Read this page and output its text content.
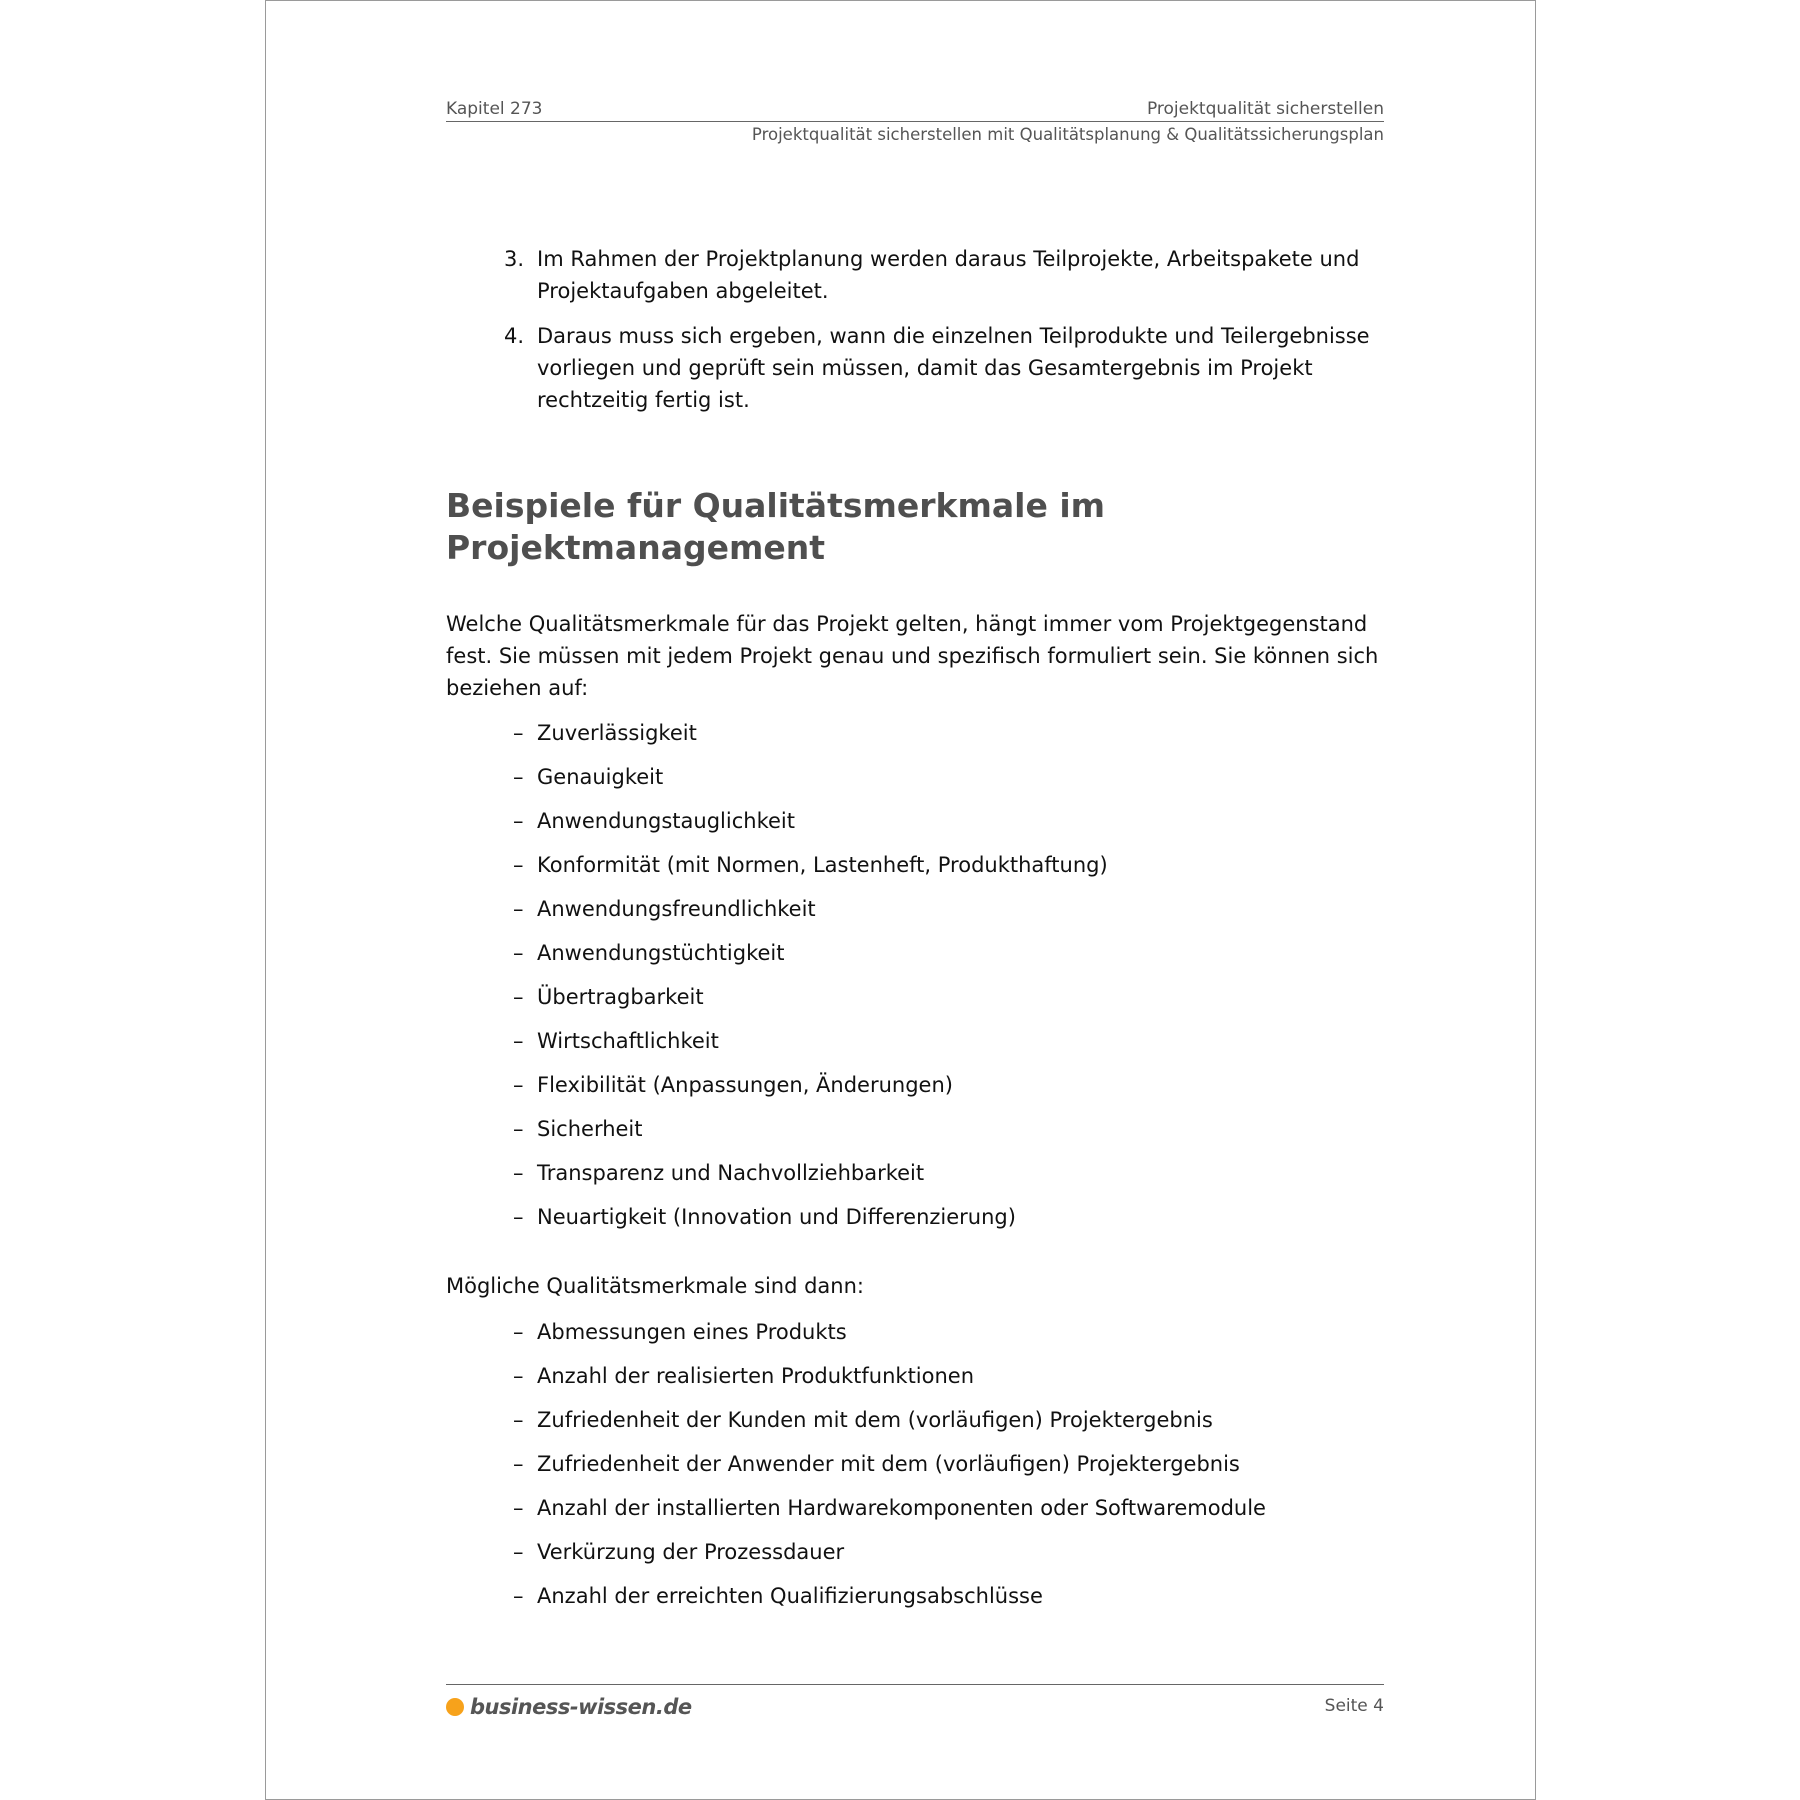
Kapitel 273	Projektqualität sicherstellen
Projektqualität sicherstellen mit Qualitätsplanung & Qualitätssicherungsplan
3. Im Rahmen der Projektplanung werden daraus Teilprojekte, Arbeitspakete und Projektaufgaben abgeleitet.
4. Daraus muss sich ergeben, wann die einzelnen Teilprodukte und Teilergebnisse vorliegen und geprüft sein müssen, damit das Gesamtergebnis im Projekt rechtzeitig fertig ist.
Beispiele für Qualitätsmerkmale im Projektmanagement

Welche Qualitätsmerkmale für das Projekt gelten, hängt immer vom Projektgegenstand fest. Sie müssen mit jedem Projekt genau und spezifisch formuliert sein. Sie können sich beziehen auf:

– Zuverlässigkeit
– Genauigkeit
– Anwendungstauglichkeit
– Konformität (mit Normen, Lastenheft, Produkthaftung)
– Anwendungsfreundlichkeit
– Anwendungstüchtigkeit
– Übertragbarkeit
– Wirtschaftlichkeit
– Flexibilität (Anpassungen, Änderungen)
– Sicherheit
– Transparenz und Nachvollziehbarkeit
– Neuartigkeit (Innovation und Differenzierung)

Mögliche Qualitätsmerkmale sind dann:

– Abmessungen eines Produkts
– Anzahl der realisierten Produktfunktionen
– Zufriedenheit der Kunden mit dem (vorläufigen) Projektergebnis
– Zufriedenheit der Anwender mit dem (vorläufigen) Projektergebnis
– Anzahl der installierten Hardwarekomponenten oder Softwaremodule
– Verkürzung der Prozessdauer
– Anzahl der erreichten Qualifizierungsabschlüsse
business-wissen.de	Seite 4
